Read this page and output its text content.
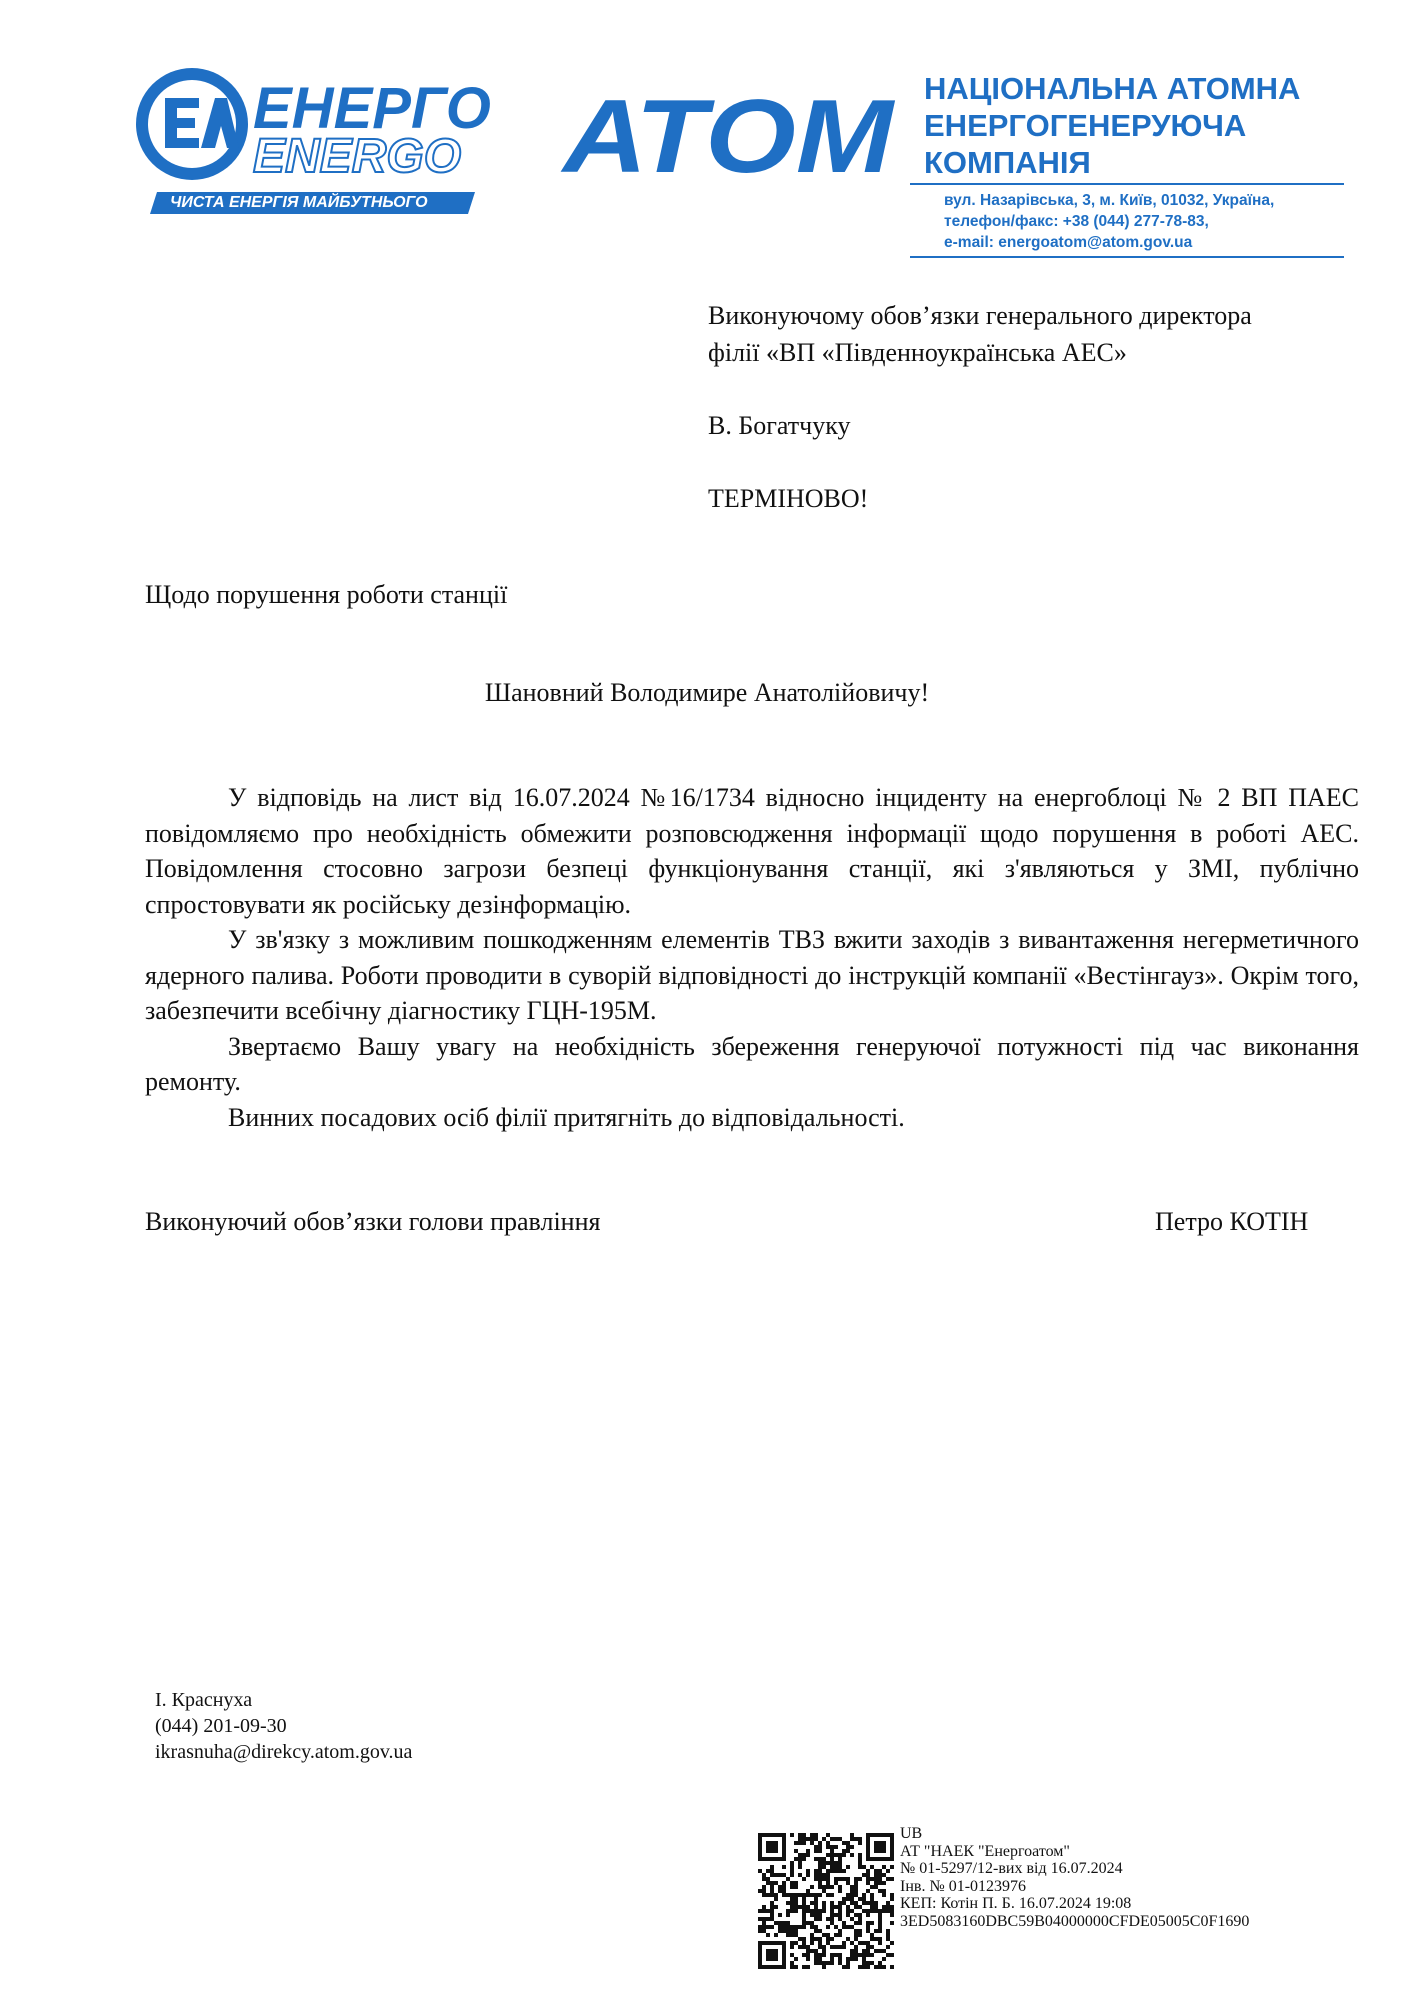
ЕНЕРГО
ENERGO АТОМ
ЧИСТА ЕНЕРГІЯ МАЙБУТНЬОГО
НАЦІОНАЛЬНА АТОМНА
ЕНЕРГОГЕНЕРУЮЧА
КОМПАНІЯ
вул. Назарівська, 3, м. Київ, 01032, Україна,
телефон/факс: +38 (044) 277-78-83,
e-mail: energoatom@atom.gov.ua
Виконуючому обов’язки генерального директора
філії «ВП «Південноукраїнська АЕС»
В. Богатчуку
ТЕРМІНОВО!
Щодо порушення роботи станції
Шановний Володимире Анатолійовичу!

У відповідь на лист від 16.07.2024 №16/1734 відносно інциденту на енергоблоці № 2 ВП ПАЕС повідомляємо про необхідність обмежити розповсюдження інформації щодо порушення в роботі АЕС. Повідомлення стосовно загрози безпеці функціонування станції, які з'являються у ЗМІ, публічно спростовувати як російську дезінформацію.

У зв'язку з можливим пошкодженням елементів ТВЗ вжити заходів з вивантаження негерметичного ядерного палива. Роботи проводити в суворій відповідності до інструкцій компанії «Вестінгауз». Окрім того, забезпечити всебічну діагностику ГЦН-195М.

Звертаємо Вашу увагу на необхідність збереження генеруючої потужності під час виконання ремонту.

Винних посадових осіб філії притягніть до відповідальності.

Виконуючий обов’язки голови правління	Петро КОТІН
І. Краснуха
(044) 201-09-30
ikrasnuha@direkcy.atom.gov.ua
UB
АТ "НАЕК "Енергоатом"
№ 01-5297/12-вих від 16.07.2024
Інв. № 01-0123976
КЕП: Котін П. Б. 16.07.2024 19:08
3ED5083160DBC59B04000000CFDE05005C0F1690
